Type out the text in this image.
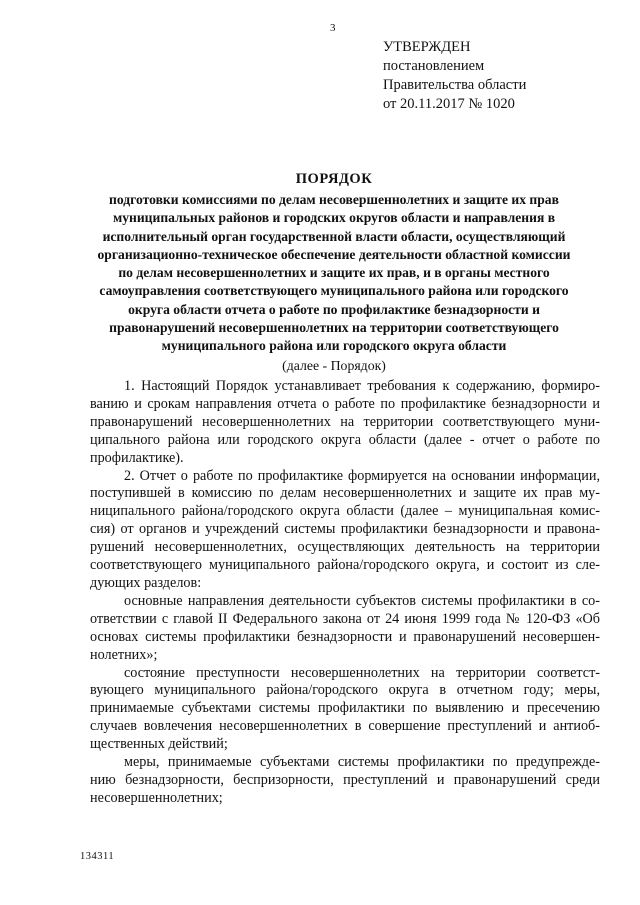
3
УТВЕРЖДЕН
постановлением
Правительства области
от 20.11.2017 № 1020
ПОРЯДОК
подготовки комиссиями по делам несовершеннолетних и защите их прав
муниципальных районов и городских округов области и направления в
исполнительный орган государственной власти области, осуществляющий
организационно-техническое обеспечение деятельности областной комиссии
по делам несовершеннолетних и защите их прав, и в органы местного
самоуправления соответствующего муниципального района или городского
округа области отчета о работе по профилактике безнадзорности и
правонарушений несовершеннолетних на территории соответствующего
муниципального района или городского округа области
(далее - Порядок)
1. Настоящий Порядок устанавливает требования к содержанию, формиро-
ванию и срокам направления отчета о работе по профилактике безнадзорности и
правонарушений несовершеннолетних на территории соответствующего муни-
ципального района или городского округа области (далее - отчет о работе по
профилактике).
2. Отчет о работе по профилактике формируется на основании информации,
поступившей в комиссию по делам несовершеннолетних и защите их прав му-
ниципального района/городского округа области (далее – муниципальная комис-
сия) от органов и учреждений системы профилактики безнадзорности и правона-
рушений несовершеннолетних, осуществляющих деятельность на территории
соответствующего муниципального района/городского округа, и состоит из сле-
дующих разделов:
основные направления деятельности субъектов системы профилактики в со-
ответствии с главой II Федерального закона от 24 июня 1999 года № 120-ФЗ «Об
основах системы профилактики безнадзорности и правонарушений несовершен-
нолетних»;
состояние преступности несовершеннолетних на территории соответст-
вующего муниципального района/городского округа в отчетном году; меры,
принимаемые субъектами системы профилактики по выявлению и пресечению
случаев вовлечения несовершеннолетних в совершение преступлений и антиоб-
щественных действий;
меры, принимаемые субъектами системы профилактики по предупрежде-
нию безнадзорности, беспризорности, преступлений и правонарушений среди
несовершеннолетних;
134311
